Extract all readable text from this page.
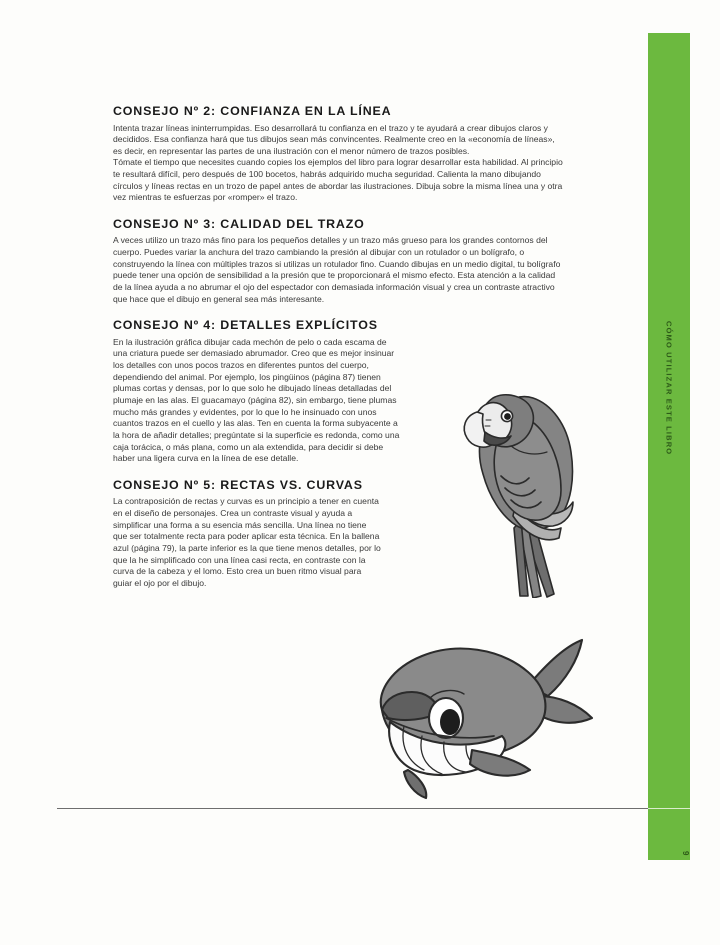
CONSEJO Nº 2: CONFIANZA EN LA LÍNEA

Intenta trazar líneas ininterrumpidas. Eso desarrollará tu confianza en el trazo y te ayudará a crear dibujos claros y decididos. Esa confianza hará que tus dibujos sean más convincentes. Realmente creo en la «economía de líneas», es decir, en representar las partes de una ilustración con el menor número de trazos posibles.

Tómate el tiempo que necesites cuando copies los ejemplos del libro para lograr desarrollar esta habilidad. Al principio te resultará difícil, pero después de 100 bocetos, habrás adquirido mucha seguridad. Calienta la mano dibujando círculos y líneas rectas en un trozo de papel antes de abordar las ilustraciones. Dibuja sobre la misma línea una y otra vez mientras te esfuerzas por «romper» el trazo.

CONSEJO Nº 3: CALIDAD DEL TRAZO

A veces utilizo un trazo más fino para los pequeños detalles y un trazo más grueso para los grandes contornos del cuerpo. Puedes variar la anchura del trazo cambiando la presión al dibujar con un rotulador o un bolígrafo, o construyendo la línea con múltiples trazos si utilizas un rotulador fino. Cuando dibujas en un medio digital, tu bolígrafo puede tener una opción de sensibilidad a la presión que te proporcionará el mismo efecto. Esta atención a la calidad de la línea ayuda a no abrumar el ojo del espectador con demasiada información visual y crea un contraste atractivo que hace que el dibujo en general sea más interesante.

CONSEJO Nº 4: DETALLES EXPLÍCITOS

En la ilustración gráfica dibujar cada mechón de pelo o cada escama de una criatura puede ser demasiado abrumador. Creo que es mejor insinuar los detalles con unos pocos trazos en diferentes puntos del cuerpo, dependiendo del animal. Por ejemplo, los pingüinos (página 87) tienen plumas cortas y densas, por lo que solo he dibujado líneas detalladas del plumaje en las alas. El guacamayo (página 82), sin embargo, tiene plumas mucho más grandes y evidentes, por lo que lo he insinuado con unos cuantos trazos en el cuello y las alas. Ten en cuenta la forma subyacente a la hora de añadir detalles; pregúntate si la superficie es redonda, como una caja torácica, o más plana, como un ala extendida, para decidir si debe haber una ligera curva en la línea de ese detalle.

CONSEJO Nº 5: RECTAS VS. CURVAS

La contraposición de rectas y curvas es un principio a tener en cuenta en el diseño de personajes. Crea un contraste visual y ayuda a simplificar una forma a su esencia más sencilla. Una línea no tiene que ser totalmente recta para poder aplicar esta técnica. En la ballena azul (página 79), la parte inferior es la que tiene menos detalles, por lo que la he simplificado con una línea casi recta, en contraste con la curva de la cabeza y el lomo. Esto crea un buen ritmo visual para guiar el ojo por el dibujo.

CÓMO UTILIZAR ESTE LIBRO
9
